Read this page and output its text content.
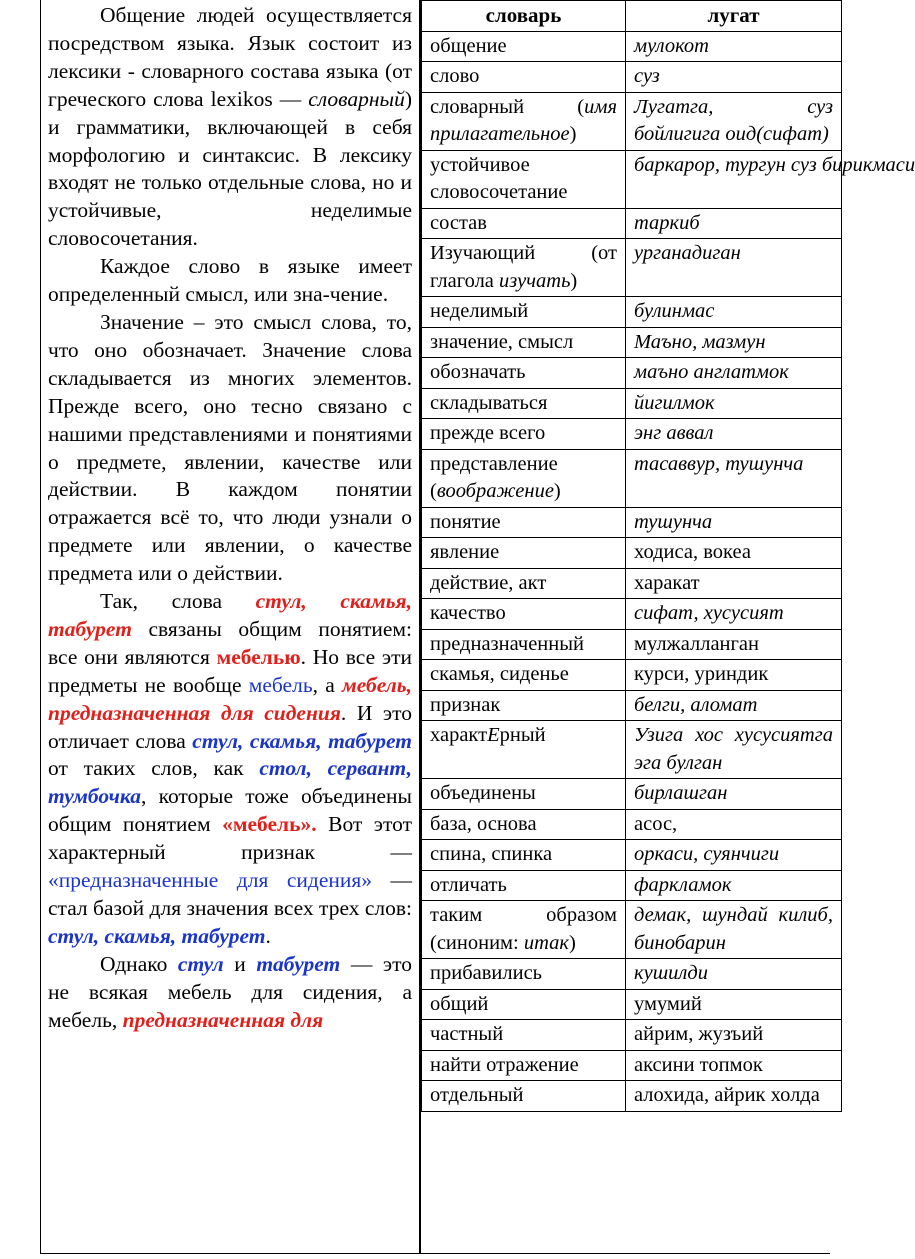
Общение людей осуществляется посредством языка. Язык состоит из лексики - словарного состава языка (от греческого слова lexikos — словарный) и грамматики, включающей в себя морфологию и синтаксис. В лексику входят не только отдельные слова, но и устойчивые, неделимые словосочетания.

Каждое слово в языке имеет определенный смысл, или зна-чение.

Значение – это смысл слова, то, что оно обозначает. Значение слова складывается из многих элементов. Прежде всего, оно тесно связано с нашими представлениями и понятиями о предмете, явлении, качестве или действии. В каждом понятии отражается всё то, что люди узнали о предмете или явлении, о качестве предмета или о действии.

Так, слова стул, скамья, табурет связаны общим понятием: все они являются мебелью. Но все эти предметы не вообще мебель, а мебель, предназначенная для сидения. И это отличает слова стул, скамья, табурет от таких слов, как стол, сервант, тумбочка, которые тоже объединены общим понятием «мебель». Вот этот характерный признак — «предназначенные для сидения» — стал базой для значения всех трех слов: стул, скамья, табурет.

Однако стул и табурет — это не всякая мебель для сидения, а мебель, предназначенная для

словарь	лугат
общение	мулокот
слово	суз
словарный (имя прилагательное)	Лугатга, суз бойлигига оид(сифат)
устойчивое словосочетание	баркарор, тургун суз бирикмаси
состав	таркиб
Изучающий (от глагола изучать)	урганадиган
неделимый	булинмас
значение, смысл	Маъно, мазмун
обозначать	маъно англатмок
складываться	йигилмок
прежде всего	энг аввал
представление (воображение)	тасаввур, тушунча
понятие	тушунча
явление	ходиса, вокеа
действие, акт	харакат
качество	сифат, хусусият
предназначенный	мулжалланган
скамья, сиденье	курси, уриндик
признак	белги, аломат
характЕрный	Узига хос хусусиятга эга булган
объединены	бирлашган
база, основа	асос,
спина, спинка	оркаси, суянчиги
отличать	фаркламок
таким образом (синоним: итак)	демак, шундай килиб, бинобарин
прибавились	кушилди
общий	умумий
частный	айрим, жузъий
найти отражение	аксини топмок
отдельный	алохида, айрик холда
